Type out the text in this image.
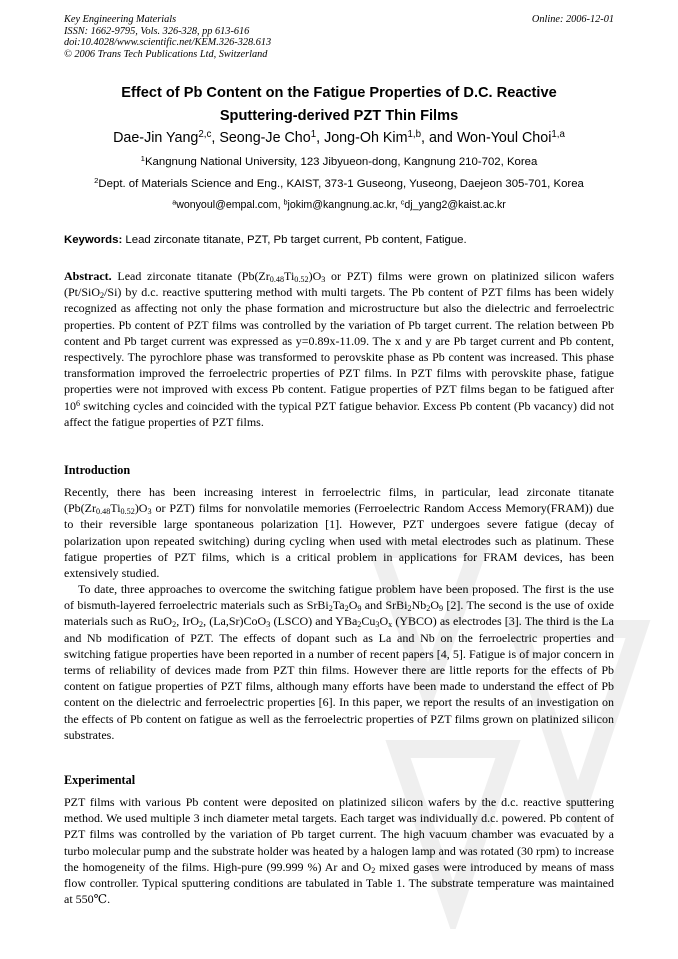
Key Engineering Materials
ISSN: 1662-9795, Vols. 326-328, pp 613-616
doi:10.4028/www.scientific.net/KEM.326-328.613
© 2006 Trans Tech Publications Ltd, Switzerland
Online: 2006-12-01
Effect of Pb Content on the Fatigue Properties of D.C. Reactive
Sputtering-derived PZT Thin Films
Dae-Jin Yang$^{2,c}$, Seong-Je Cho$^1$, Jong-Oh Kim$^{1,b}$, and Won-Youl Choi$^{1,a}$
$^1$Kangnung National University, 123 Jibyueon-dong, Kangnung 210-702, Korea
$^2$Dept. of Materials Science and Eng., KAIST, 373-1 Guseong, Yuseong, Daejeon 305-701, Korea
$^a$wonyoul@empal.com, $^b$jokim@kangnung.ac.kr, $^c$dj_yang2@kaist.ac.kr
Keywords: Lead zirconate titanate, PZT, Pb target current, Pb content, Fatigue.

Abstract. Lead zirconate titanate ($Pb(Zr_{0.48}Ti_{0.52})O_3$ or PZT) films were grown on platinized silicon wafers (Pt/SiO$_2$/Si) by d.c. reactive sputtering method with multi targets. The Pb content of PZT films has been widely recognized as affecting not only the phase formation and microstructure but also the dielectric and ferroelectric properties. Pb content of PZT films was controlled by the variation of Pb target current. The relation between Pb content and Pb target current was expressed as y=0.89x-11.09. The x and y are Pb target current and Pb content, respectively. The pyrochlore phase was transformed to perovskite phase as Pb content was increased. This phase transformation improved the ferroelectric properties of PZT films. In PZT films with perovskite phase, fatigue properties were not improved with excess Pb content. Fatigue properties of PZT films began to be fatigued after $10^6$ switching cycles and coincided with the typical PZT fatigue behavior. Excess Pb content (Pb vacancy) did not affect the fatigue properties of PZT films.

Introduction

Recently, there has been increasing interest in ferroelectric films, in particular, lead zirconate titanate ($Pb(Zr_{0.48}Ti_{0.52})O_3$ or PZT) films for nonvolatile memories (Ferroelectric Random Access Memory(FRAM)) due to their reversible large spontaneous polarization [1]. However, PZT undergoes severe fatigue (decay of polarization upon repeated switching) during cycling when used with metal electrodes such as platinum. These fatigue properties of PZT films, which is a critical problem in applications for FRAM devices, has been extensively studied.

To date, three approaches to overcome the switching fatigue problem have been proposed. The first is the use of bismuth-layered ferroelectric materials such as $SrBi_2Ta_2O_9$ and $SrBi_2Nb_2O_9$ [2]. The second is the use of oxide materials such as RuO$_2$, IrO$_2$, (La,Sr)CoO$_3$ (LSCO) and $YBa_2Cu_3O_x$ (YBCO) as electrodes [3]. The third is the La and Nb modification of PZT. The effects of dopant such as La and Nb on the ferroelectric properties and switching fatigue properties have been reported in a number of recent papers [4, 5]. Fatigue is of major concern in terms of reliability of devices made from PZT thin films. However there are little reports for the effects of Pb content on fatigue properties of PZT films, although many efforts have been made to understand the effect of Pb content on the dielectric and ferroelectric properties [6]. In this paper, we report the results of an investigation on the effects of Pb content on fatigue as well as the ferroelectric properties of PZT films grown on platinized silicon substrates.

Experimental

PZT films with various Pb content were deposited on platinized silicon wafers by the d.c. reactive sputtering method. We used multiple 3 inch diameter metal targets. Each target was individually d.c. powered. Pb content of PZT films was controlled by the variation of Pb target current. The high vacuum chamber was evacuated by a turbo molecular pump and the substrate holder was heated by a halogen lamp and was rotated (30 rpm) to increase the homogeneity of the films. High-pure (99.999 %) Ar and $O_2$ mixed gases were introduced by means of mass flow controller. Typical sputtering conditions are tabulated in Table 1. The substrate temperature was maintained at 550℃.
